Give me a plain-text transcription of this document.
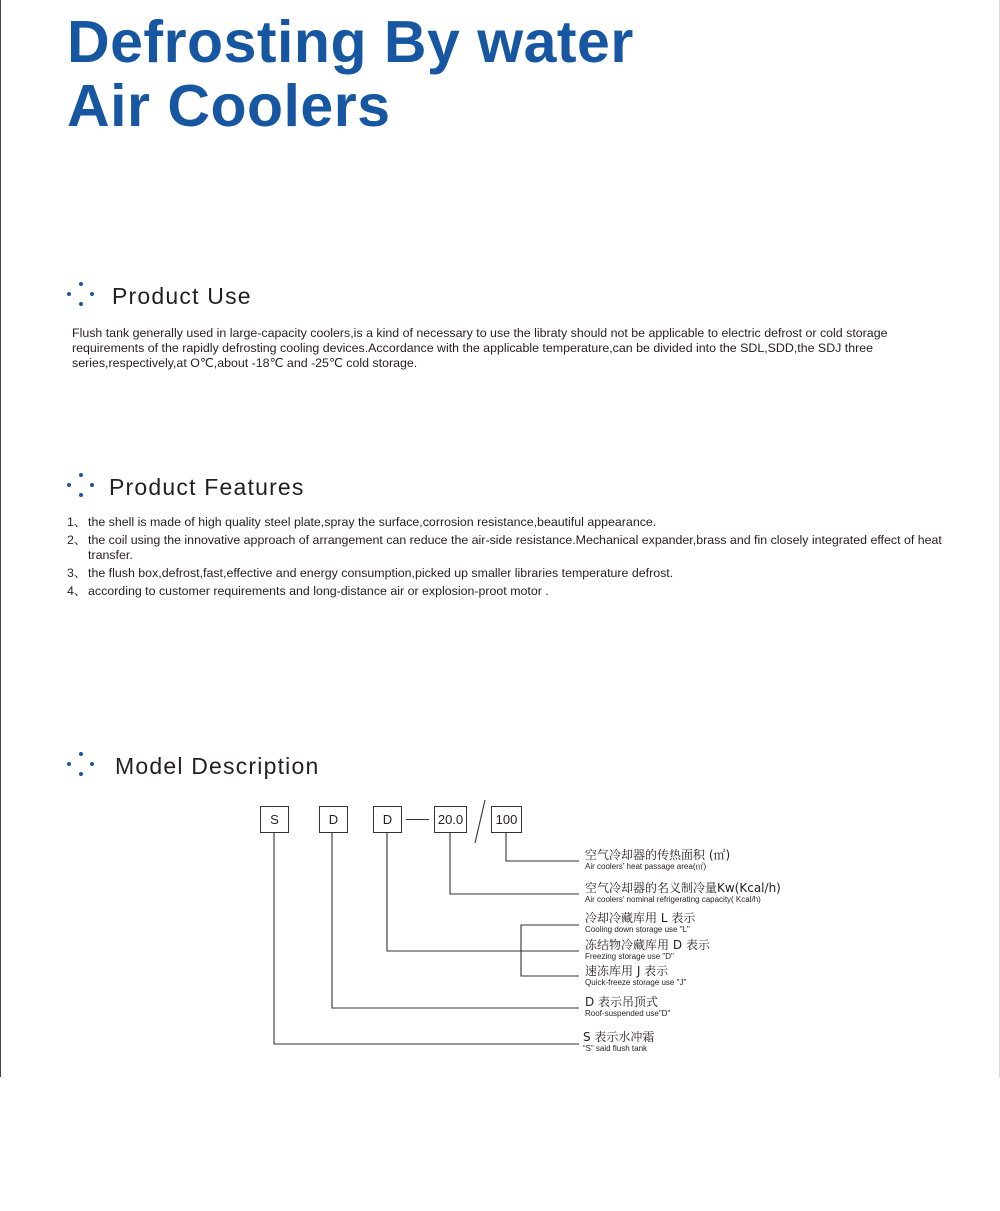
Defrosting By water
Air Coolers
Product Use
Flush tank generally used in large-capacity coolers,is a kind of necessary to use the libraty should not be applicable to electric defrost or cold storage
requirements of the rapidly defrosting cooling devices.Accordance with the applicable temperature,can be divided into the SDL,SDD,the SDJ three
series,respectively,at O℃,about -18℃ and -25℃ cold storage.
Product Features
1、 the shell is made of high quality steel plate,spray the surface,corrosion resistance,beautiful appearance.
2、 the coil using the innovative approach of arrangement can reduce the air-side resistance.Mechanical expander,brass and fin closely integrated effect of heat transfer.
3、 the flush box,defrost,fast,effective and energy consumption,picked up smaller libraries temperature defrost.
4、 according to customer requirements and long-distance air or explosion-proot motor .
Model Description
S	D	D	20.0	100
空气冷却器的传热面积 (㎡)
Air coolers' heat passage area(㎡)
空气冷却器的名义制冷量Kw(Kcal/h)
Air coolers' nominal refrigerating capacity( Kcal/h)
冷却冷藏库用 L 表示
Cooling down storage use "L"
冻结物冷藏库用 D 表示
Freezing storage use "D"
速冻库用 J 表示
Quick-freeze storage use "J"
D 表示吊顶式
Roof-suspended use"D"
S 表示水冲霜
“S” said flush tank
